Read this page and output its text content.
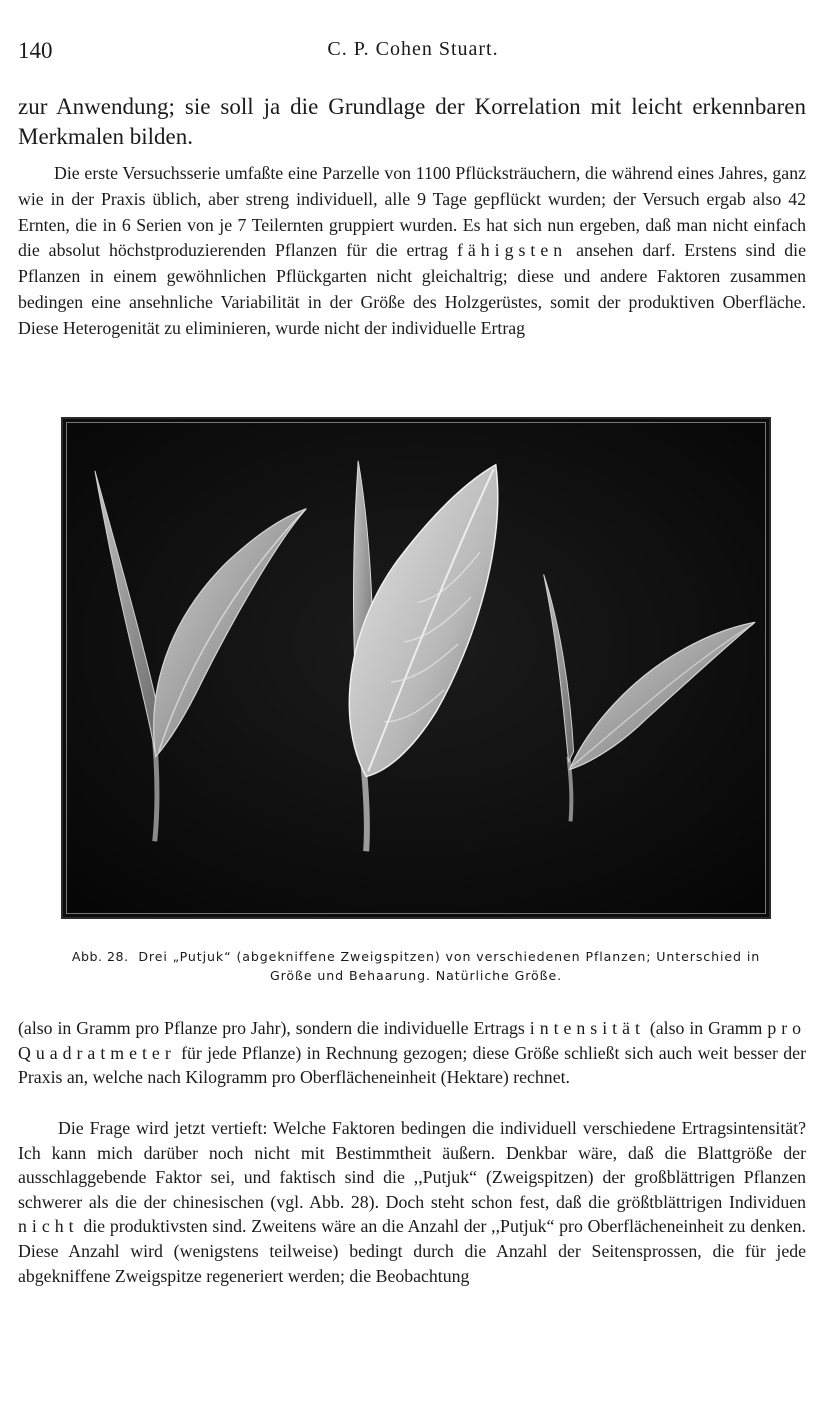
140	C. P. Cohen Stuart.

zur Anwendung; sie soll ja die Grundlage der Korrelation mit leicht erkennbaren Merkmalen bilden.

Die erste Versuchsserie umfaßte eine Parzelle von 1100 Pflücksträuchern, die während eines Jahres, ganz wie in der Praxis üblich, aber streng individuell, alle 9 Tage gepflückt wurden; der Versuch ergab also 42 Ernten, die in 6 Serien von je 7 Teilernten gruppiert wurden. Es hat sich nun ergeben, daß man nicht einfach die absolut höchstproduzierenden Pflanzen für die ertrag fähigsten ansehen darf. Erstens sind die Pflanzen in einem gewöhnlichen Pflückgarten nicht gleichaltrig; diese und andere Faktoren zusammen bedingen eine ansehnliche Variabilität in der Größe des Holzgerüstes, somit der produktiven Oberfläche. Diese Heterogenität zu eliminieren, wurde nicht der individuelle Ertrag

Abb. 28. Drei „Putjuk“ (abgekniffene Zweigspitzen) von verschiedenen Pflanzen; Unterschied in Größe und Behaarung. Natürliche Größe.

(also in Gramm pro Pflanze pro Jahr), sondern die individuelle Ertrags intensität (also in Gramm pro Quadratmeter für jede Pflanze) in Rechnung gezogen; diese Größe schließt sich auch weit besser der Praxis an, welche nach Kilogramm pro Oberflächeneinheit (Hektare) rechnet.

Die Frage wird jetzt vertieft: Welche Faktoren bedingen die individuell verschiedene Ertragsintensität? Ich kann mich darüber noch nicht mit Bestimmtheit äußern. Denkbar wäre, daß die Blattgröße der ausschlaggebende Faktor sei, und faktisch sind die ,,Putjuk“ (Zweigspitzen) der großblättrigen Pflanzen schwerer als die der chinesischen (vgl. Abb. 28). Doch steht schon fest, daß die größtblättrigen Individuen nicht die produktivsten sind. Zweitens wäre an die Anzahl der ,,Putjuk“ pro Oberflächeneinheit zu denken. Diese Anzahl wird (wenigstens teilweise) bedingt durch die Anzahl der Seitensprossen, die für jede abgekniffene Zweigspitze regeneriert werden; die Beobachtung
